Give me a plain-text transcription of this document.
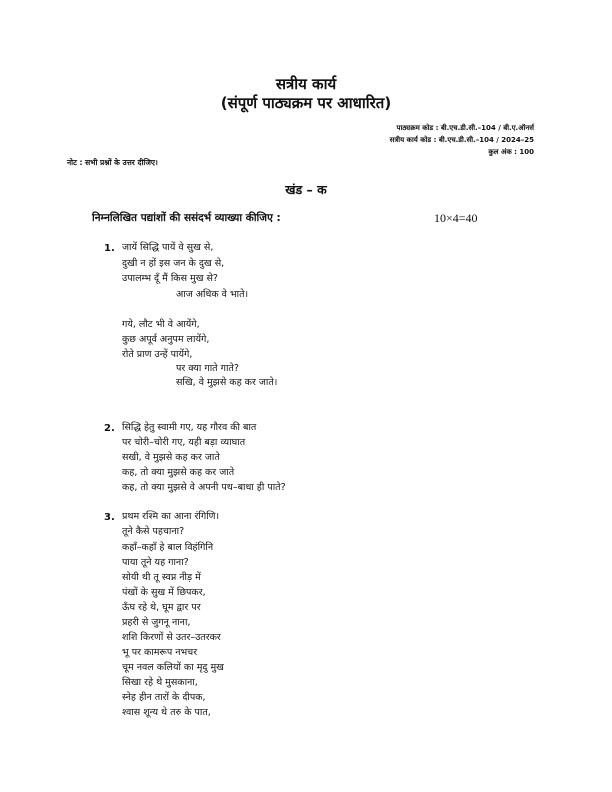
सत्रीय कार्य
(संपूर्ण पाठ्यक्रम पर आधारित)
पाठ्यक्रम कोड : बी.एच.डी.सी.–104 / बी.ए.ऑनर्स
सत्रीय कार्य कोड : बी.एच.डी.सी.–104 / 2024–25
कुल अंक : 100
नोट : सभी प्रश्नों के उत्तर दीजिए।
खंड – क
निम्नलिखित पद्यांशों की ससंदर्भ व्याख्या कीजिए :	10×4=40
1. जायें सिद्धि पायें वे सुख से,
दुखी न हों इस जन के दुख से,
उपालम्भ दूँ मैं किस मुख से?
आज अधिक वे भाते।
गये, लौट भी वे आयेंगे,
कुछ अपूर्व अनुपम लायेंगे,
रोते प्राण उन्हें पायेंगे,
पर क्या गाते गाते?
सखि, वे मुझसे कह कर जाते।
2. सिद्धि हेतु स्वामी गए, यह गौरव की बात
पर चोरी–चोरी गए, यही बड़ा व्याघात
सखी, वे मुझसे कह कर जाते
कह, तो क्या मुझसे कह कर जाते
कह, तो क्या मुझसे वे अपनी पथ–बाधा ही पाते?
3. प्रथम रश्मि का आना रंगिणि।
तूने कैसे पहचाना?
कहाँ–कहाँ हे बाल विहंगिनि
पाया तूने यह गाना?
सोयी थी तू स्वप्न नीड़ में
पंखों के सुख में छिपकर,
ऊँघ रहे थे, घूम द्वार पर
प्रहरी से जुगनू नाना,
शशि किरणों से उतर–उतरकर
भू पर कामरूप नभचर
चूम नवल कलियों का मृदु मुख
सिखा रहे थे मुसकाना,
स्नेह हीन तारों के दीपक,
श्वास शून्य थे तरु के पात,
